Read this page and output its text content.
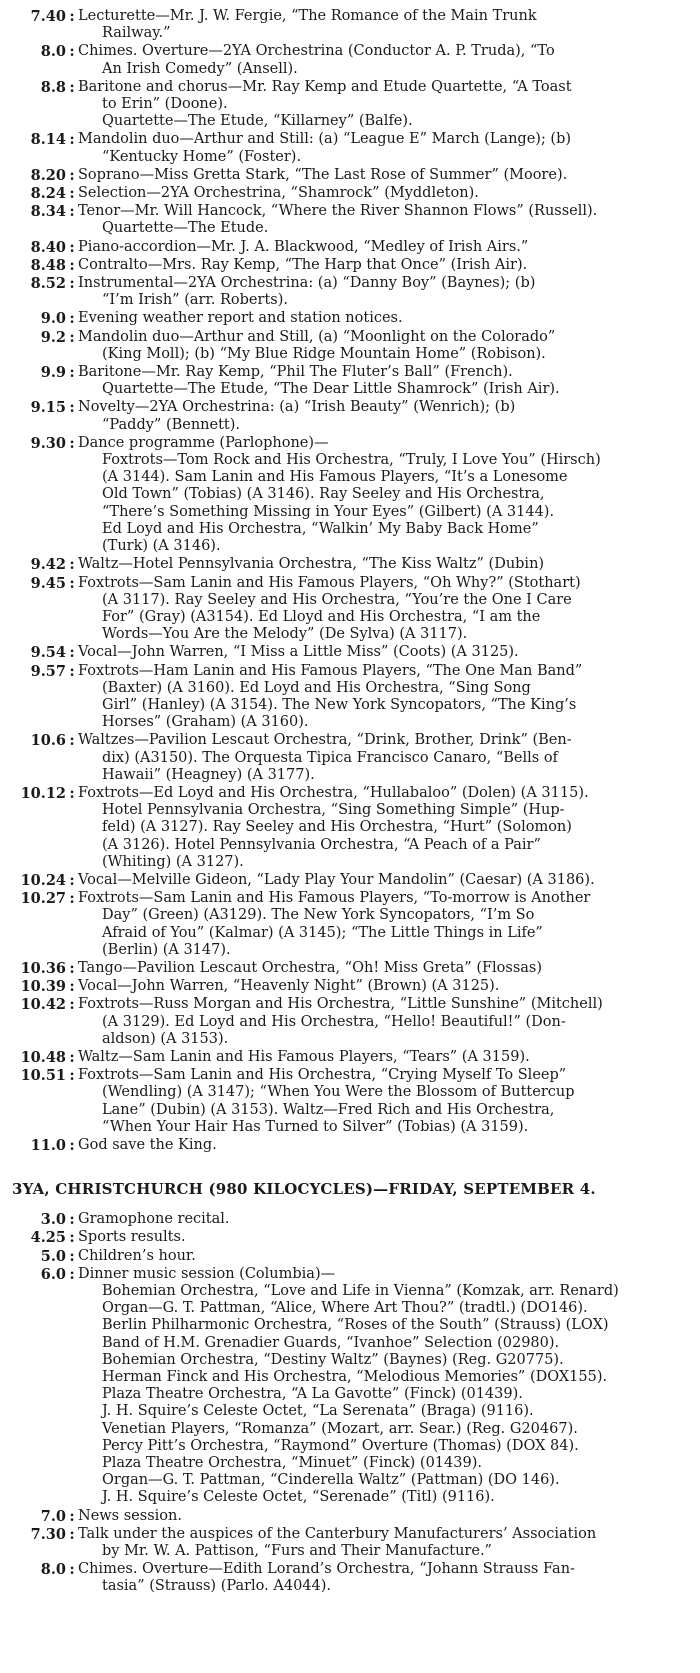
7.40 : Lecturette—Mr. J. W. Fergie, “The Romance of the Main Trunk
Railway.”
8.0 : Chimes. Overture—2YA Orchestrina (Conductor A. P. Truda), “To
An Irish Comedy” (Ansell).
8.8 : Baritone and chorus—Mr. Ray Kemp and Etude Quartette, “A Toast
to Erin” (Doone).
Quartette—The Etude, “Killarney” (Balfe).
8.14 : Mandolin duo—Arthur and Still: (a) “League E” March (Lange); (b)
“Kentucky Home” (Foster).
8.20 : Soprano—Miss Gretta Stark, “The Last Rose of Summer” (Moore).
8.24 : Selection—2YA Orchestrina, “Shamrock” (Myddleton).
8.34 : Tenor—Mr. Will Hancock, “Where the River Shannon Flows” (Russell).
Quartette—The Etude.
8.40 : Piano-accordion—Mr. J. A. Blackwood, “Medley of Irish Airs.”
8.48 : Contralto—Mrs. Ray Kemp, “The Harp that Once” (Irish Air).
8.52 : Instrumental—2YA Orchestrina: (a) “Danny Boy” (Baynes); (b)
“I’m Irish” (arr. Roberts).
9.0 : Evening weather report and station notices.
9.2 : Mandolin duo—Arthur and Still, (a) “Moonlight on the Colorado”
(King Moll); (b) “My Blue Ridge Mountain Home” (Robison).
9.9 : Baritone—Mr. Ray Kemp, “Phil The Fluter’s Ball” (French).
Quartette—The Etude, “The Dear Little Shamrock” (Irish Air).
9.15 : Novelty—2YA Orchestrina: (a) “Irish Beauty” (Wenrich); (b)
“Paddy” (Bennett).
9.30 : Dance programme (Parlophone)—
Foxtrots—Tom Rock and His Orchestra, “Truly, I Love You” (Hirsch)
(A 3144). Sam Lanin and His Famous Players, “It’s a Lonesome
Old Town” (Tobias) (A 3146). Ray Seeley and His Orchestra,
“There’s Something Missing in Your Eyes” (Gilbert) (A 3144).
Ed Loyd and His Orchestra, “Walkin’ My Baby Back Home”
(Turk) (A 3146).
9.42 : Waltz—Hotel Pennsylvania Orchestra, “The Kiss Waltz” (Dubin)
9.45 : Foxtrots—Sam Lanin and His Famous Players, “Oh Why?” (Stothart)
(A 3117). Ray Seeley and His Orchestra, “You’re the One I Care
For” (Gray) (A3154). Ed Lloyd and His Orchestra, “I am the
Words—You Are the Melody” (De Sylva) (A 3117).
9.54 : Vocal—John Warren, “I Miss a Little Miss” (Coots) (A 3125).
9.57 : Foxtrots—Ham Lanin and His Famous Players, “The One Man Band”
(Baxter) (A 3160). Ed Loyd and His Orchestra, “Sing Song
Girl” (Hanley) (A 3154). The New York Syncopators, “The King’s
Horses” (Graham) (A 3160).
10.6 : Waltzes—Pavilion Lescaut Orchestra, “Drink, Brother, Drink” (Ben-
dix) (A3150). The Orquesta Tipica Francisco Canaro, “Bells of
Hawaii” (Heagney) (A 3177).
10.12 : Foxtrots—Ed Loyd and His Orchestra, “Hullabaloo” (Dolen) (A 3115).
Hotel Pennsylvania Orchestra, “Sing Something Simple” (Hup-
feld) (A 3127). Ray Seeley and His Orchestra, “Hurt” (Solomon)
(A 3126). Hotel Pennsylvania Orchestra, “A Peach of a Pair”
(Whiting) (A 3127).
10.24 : Vocal—Melville Gideon, “Lady Play Your Mandolin” (Caesar) (A 3186).
10.27 : Foxtrots—Sam Lanin and His Famous Players, “To-morrow is Another
Day” (Green) (A3129). The New York Syncopators, “I’m So
Afraid of You” (Kalmar) (A 3145); “The Little Things in Life”
(Berlin) (A 3147).
10.36 : Tango—Pavilion Lescaut Orchestra, “Oh! Miss Greta” (Flossas)
10.39 : Vocal—John Warren, “Heavenly Night” (Brown) (A 3125).
10.42 : Foxtrots—Russ Morgan and His Orchestra, “Little Sunshine” (Mitchell)
(A 3129). Ed Loyd and His Orchestra, “Hello! Beautiful!” (Don-
aldson) (A 3153).
10.48 : Waltz—Sam Lanin and His Famous Players, “Tears” (A 3159).
10.51 : Foxtrots—Sam Lanin and His Orchestra, “Crying Myself To Sleep”
(Wendling) (A 3147); “When You Were the Blossom of Buttercup
Lane” (Dubin) (A 3153). Waltz—Fred Rich and His Orchestra,
“When Your Hair Has Turned to Silver” (Tobias) (A 3159).
11.0 : God save the King.
3YA, CHRISTCHURCH (980 KILOCYCLES)—FRIDAY, SEPTEMBER 4.
3.0 : Gramophone recital.
4.25 : Sports results.
5.0 : Children’s hour.
6.0 : Dinner music session (Columbia)—
Bohemian Orchestra, “Love and Life in Vienna” (Komzak, arr. Renard)
Organ—G. T. Pattman, “Alice, Where Art Thou?” (tradtl.) (DO146).
Berlin Philharmonic Orchestra, “Roses of the South” (Strauss) (LOX)
Band of H.M. Grenadier Guards, “Ivanhoe” Selection (02980).
Bohemian Orchestra, “Destiny Waltz” (Baynes) (Reg. G20775).
Herman Finck and His Orchestra, “Melodious Memories” (DOX155).
Plaza Theatre Orchestra, “A La Gavotte” (Finck) (01439).
J. H. Squire’s Celeste Octet, “La Serenata” (Braga) (9116).
Venetian Players, “Romanza” (Mozart, arr. Sear.) (Reg. G20467).
Percy Pitt’s Orchestra, “Raymond” Overture (Thomas) (DOX 84).
Plaza Theatre Orchestra, “Minuet” (Finck) (01439).
Organ—G. T. Pattman, “Cinderella Waltz” (Pattman) (DO 146).
J. H. Squire’s Celeste Octet, “Serenade” (Titl) (9116).
7.0 : News session.
7.30 : Talk under the auspices of the Canterbury Manufacturers’ Association
by Mr. W. A. Pattison, “Furs and Their Manufacture.”
8.0 : Chimes. Overture—Edith Lorand’s Orchestra, “Johann Strauss Fan-
tasia” (Strauss) (Parlo. A4044).
